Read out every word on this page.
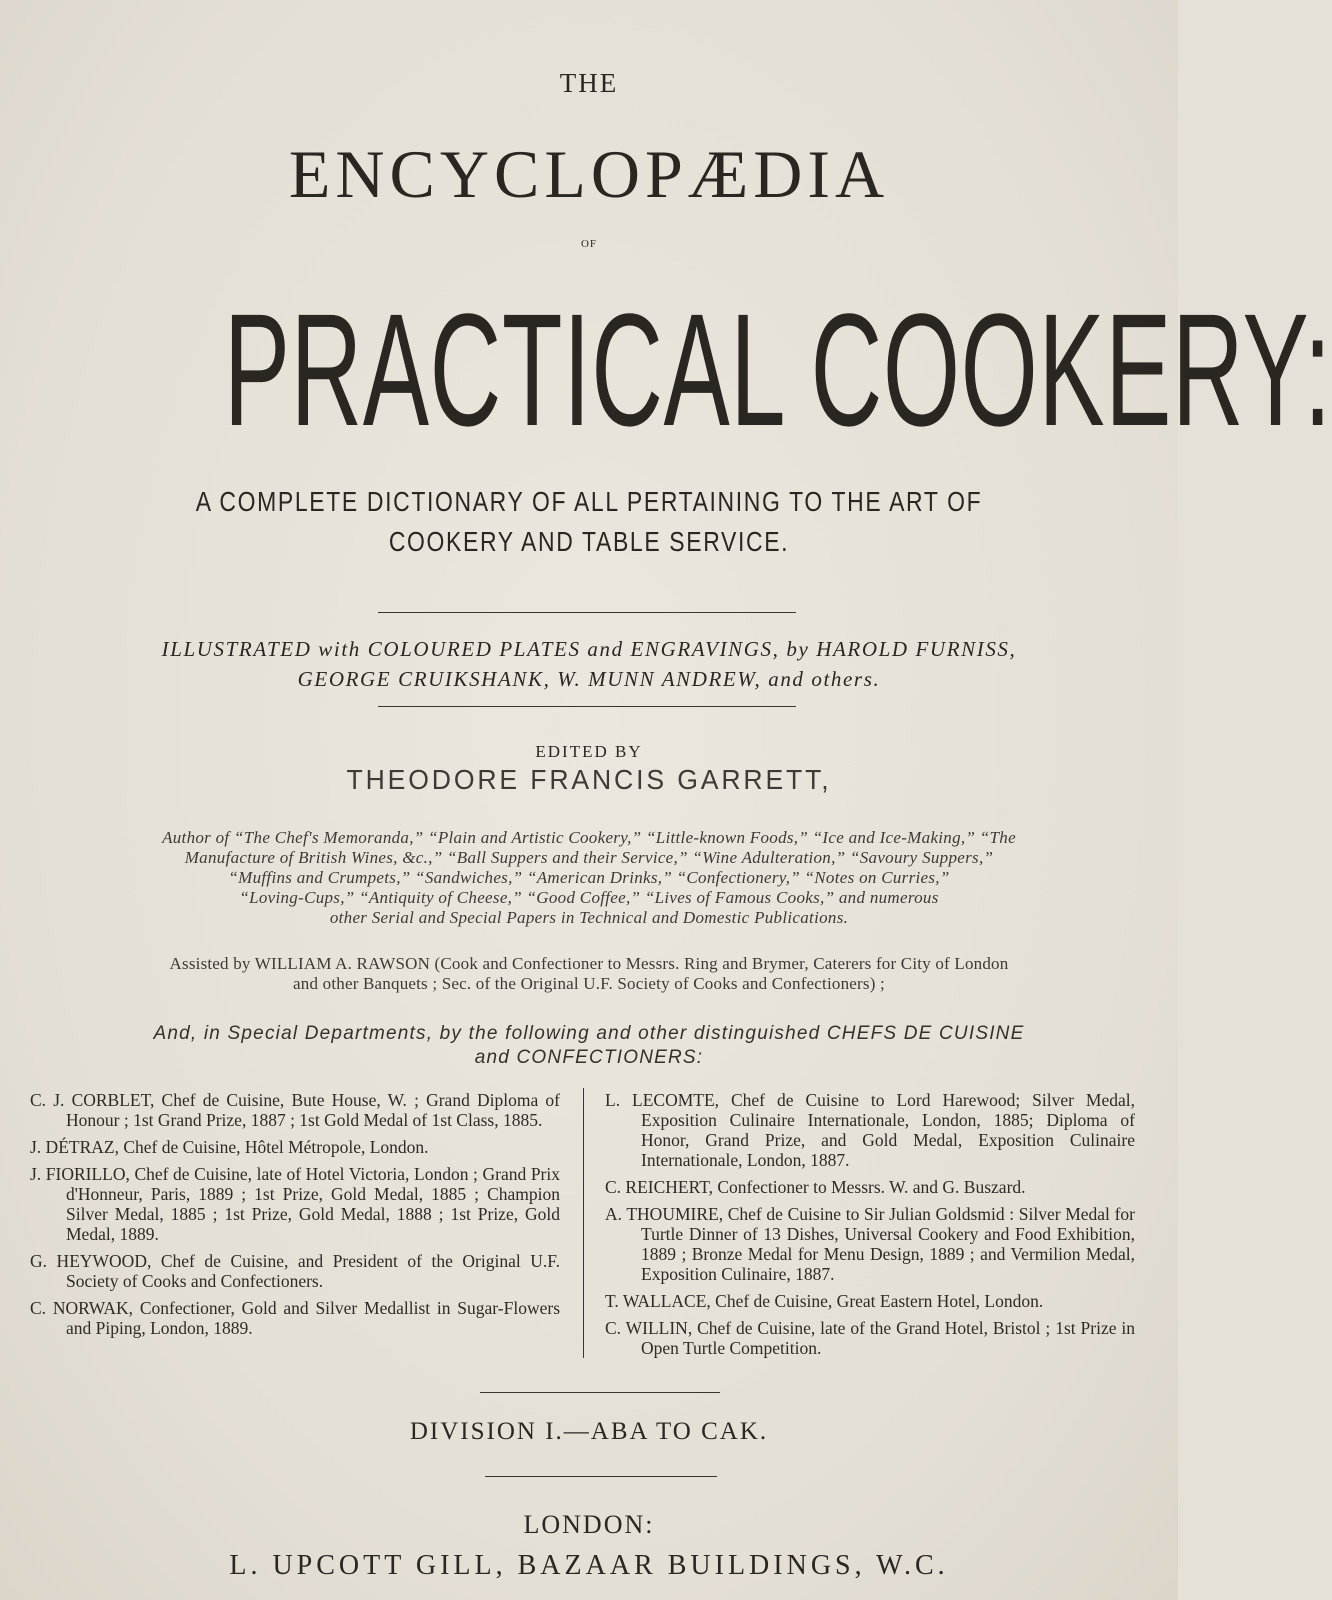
THE
ENCYCLOPÆDIA
OF
PRACTICAL COOKERY:
A COMPLETE DICTIONARY OF ALL PERTAINING TO THE ART OF
COOKERY AND TABLE SERVICE.
ILLUSTRATED with COLOURED PLATES and ENGRAVINGS, by HAROLD FURNISS,
GEORGE CRUIKSHANK, W. MUNN ANDREW, and others.
EDITED BY
THEODORE FRANCIS GARRETT,
Author of “The Chef's Memoranda,” “Plain and Artistic Cookery,” “Little-known Foods,” “Ice and Ice-Making,” “The
Manufacture of British Wines, &c.,” “Ball Suppers and their Service,” “Wine Adulteration,” “Savoury Suppers,”
“Muffins and Crumpets,” “Sandwiches,” “American Drinks,” “Confectionery,” “Notes on Curries,”
“Loving-Cups,” “Antiquity of Cheese,” “Good Coffee,” “Lives of Famous Cooks,” and numerous
other Serial and Special Papers in Technical and Domestic Publications.
Assisted by WILLIAM A. RAWSON (Cook and Confectioner to Messrs. Ring and Brymer, Caterers for City of London
and other Banquets ; Sec. of the Original U.F. Society of Cooks and Confectioners) ;
And, in Special Departments, by the following and other distinguished CHEFS DE CUISINE
and CONFECTIONERS:
C. J. CORBLET, Chef de Cuisine, Bute House, W. ; Grand Diploma of Honour ; 1st Grand Prize, 1887 ; 1st Gold Medal of 1st Class, 1885.
J. DÉTRAZ, Chef de Cuisine, Hôtel Métropole, London.
J. FIORILLO, Chef de Cuisine, late of Hotel Victoria, London ; Grand Prix d'Honneur, Paris, 1889 ; 1st Prize, Gold Medal, 1885 ; Champion Silver Medal, 1885 ; 1st Prize, Gold Medal, 1888 ; 1st Prize, Gold Medal, 1889.
G. HEYWOOD, Chef de Cuisine, and President of the Original U.F. Society of Cooks and Confectioners.
C. NORWAK, Confectioner, Gold and Silver Medallist in Sugar-Flowers and Piping, London, 1889.
L. LECOMTE, Chef de Cuisine to Lord Harewood; Silver Medal, Exposition Culinaire Internationale, London, 1885; Diploma of Honor, Grand Prize, and Gold Medal, Exposition Culinaire Internationale, London, 1887.
C. REICHERT, Confectioner to Messrs. W. and G. Buszard.
A. THOUMIRE, Chef de Cuisine to Sir Julian Goldsmid : Silver Medal for Turtle Dinner of 13 Dishes, Universal Cookery and Food Exhibition, 1889 ; Bronze Medal for Menu Design, 1889 ; and Vermilion Medal, Exposition Culinaire, 1887.
T. WALLACE, Chef de Cuisine, Great Eastern Hotel, London.
C. WILLIN, Chef de Cuisine, late of the Grand Hotel, Bristol ; 1st Prize in Open Turtle Competition.
DIVISION I.—ABA TO CAK.
LONDON:
L. UPCOTT GILL, BAZAAR BUILDINGS, W.C.
